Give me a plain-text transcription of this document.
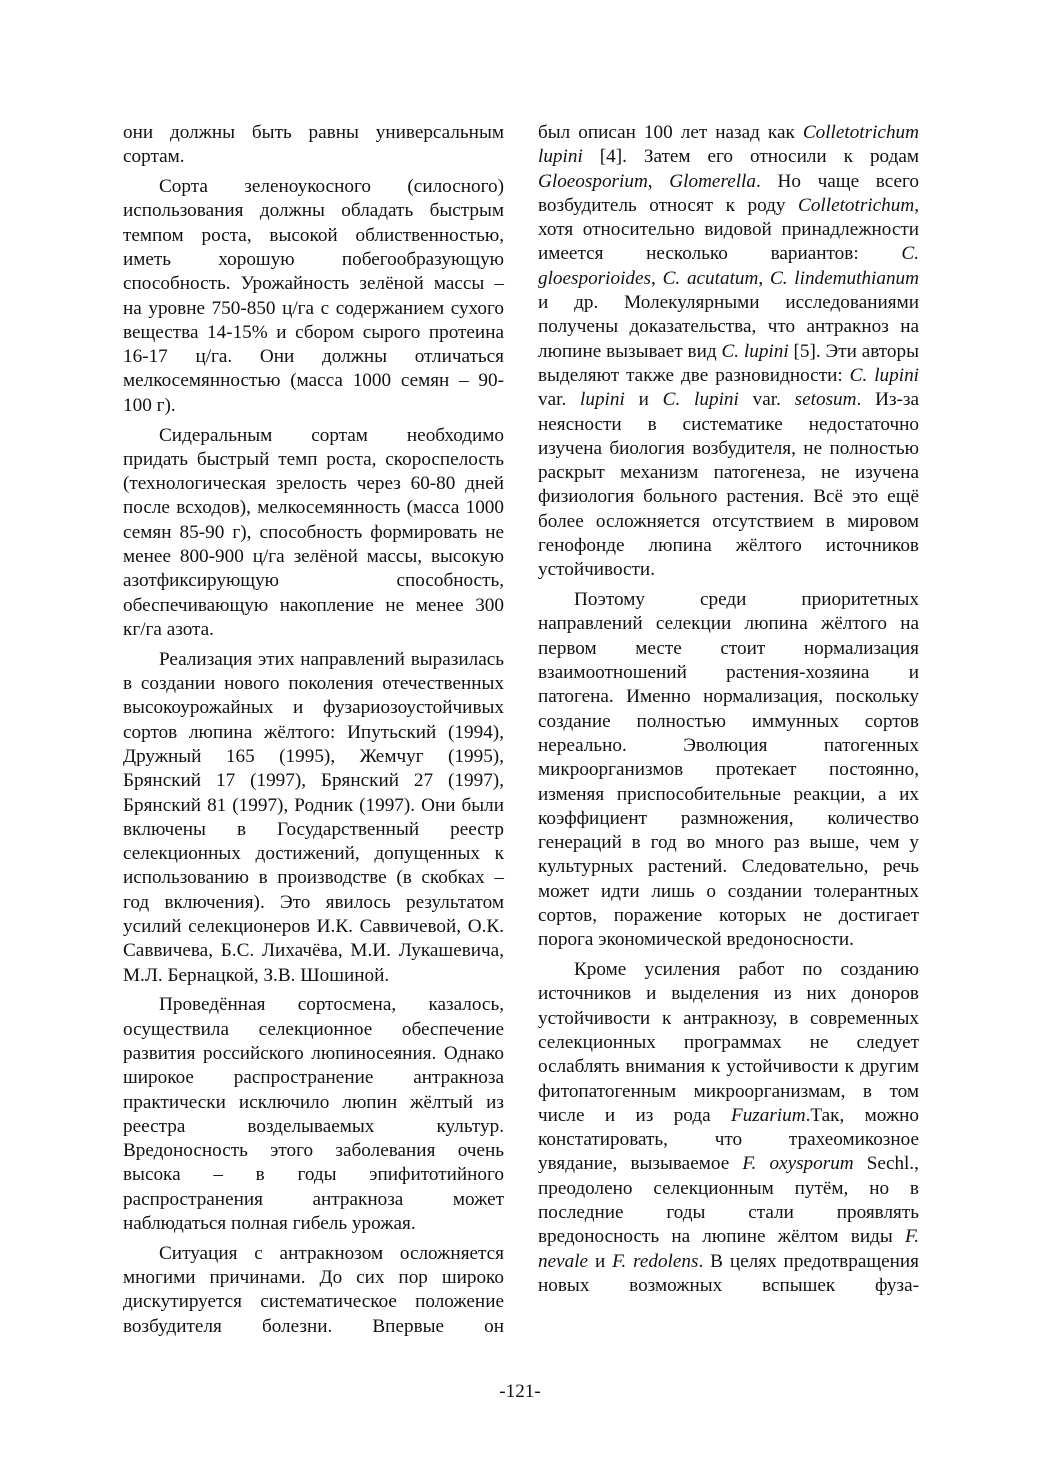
они должны быть равны универсальным сортам.

Сорта зеленоукосного (силосного) использования должны обладать быстрым темпом роста, высокой облиственностью, иметь хорошую побегообразующую способность. Урожайность зелёной массы – на уровне 750-850 ц/га с содержанием сухого вещества 14-15% и сбором сырого протеина 16-17 ц/га. Они должны отличаться мелкосемянностью (масса 1000 семян – 90-100 г).

Сидеральным сортам необходимо придать быстрый темп роста, скороспелость (технологическая зрелость через 60-80 дней после всходов), мелкосемянность (масса 1000 семян 85-90 г), способность формировать не менее 800-900 ц/га зелёной массы, высокую азотфиксирующую способность, обеспечивающую накопление не менее 300 кг/га азота.

Реализация этих направлений выразилась в создании нового поколения отечественных высокоурожайных и фузариозоустойчивых сортов люпина жёлтого: Ипутьский (1994), Дружный 165 (1995), Жемчуг (1995), Брянский 17 (1997), Брянский 27 (1997), Брянский 81 (1997), Родник (1997). Они были включены в Государственный реестр селекционных достижений, допущенных к использованию в производстве (в скобках – год включения). Это явилось результатом усилий селекционеров И.К. Саввичевой, О.К. Саввичева, Б.С. Лихачёва, М.И. Лукашевича, М.Л. Бернацкой, З.В. Шошиной.

Проведённая сортосмена, казалось, осуществила селекционное обеспечение развития российского люпиносеяния. Однако широкое распространение антракноза практически исключило люпин жёлтый из реестра возделываемых культур. Вредоносность этого заболевания очень высока – в годы эпифитотийного распространения антракноза может наблюдаться полная гибель урожая.

Ситуация с антракнозом осложняется многими причинами. До сих пор широко дискутируется систематическое положение возбудителя болезни. Впервые он

был описан 100 лет назад как Colletotrichum lupini [4]. Затем его относили к родам Gloeosporium, Glomerella. Но чаще всего возбудитель относят к роду Colletotrichum, хотя относительно видовой принадлежности имеется несколько вариантов: C. gloesporioides, C. acutatum, C. lindemuthianum и др. Молекулярными исследованиями получены доказательства, что антракноз на люпине вызывает вид C. lupini [5]. Эти авторы выделяют также две разновидности: C. lupini var. lupini и C. lupini var. setosum. Из-за неясности в систематике недостаточно изучена биология возбудителя, не полностью раскрыт механизм патогенеза, не изучена физиология больного растения. Всё это ещё более осложняется отсутствием в мировом генофонде люпина жёлтого источников устойчивости.

Поэтому среди приоритетных направлений селекции люпина жёлтого на первом месте стоит нормализация взаимоотношений растения-хозяина и патогена. Именно нормализация, поскольку создание полностью иммунных сортов нереально. Эволюция патогенных микроорганизмов протекает постоянно, изменяя приспособительные реакции, а их коэффициент размножения, количество генераций в год во много раз выше, чем у культурных растений. Следовательно, речь может идти лишь о создании толерантных сортов, поражение которых не достигает порога экономической вредоносности.

Кроме усиления работ по созданию источников и выделения из них доноров устойчивости к антракнозу, в современных селекционных программах не следует ослаблять внимания к устойчивости к другим фитопатогенным микроорганизмам, в том числе и из рода Fuzarium.Так, можно констатировать, что трахеомикозное увядание, вызываемое F. oxysporum Sechl., преодолено селекционным путём, но в последние годы стали проявлять вредоносность на люпине жёлтом виды F. nevale и F. redolens. В целях предотвращения новых возможных вспышек фуза-

-121-
